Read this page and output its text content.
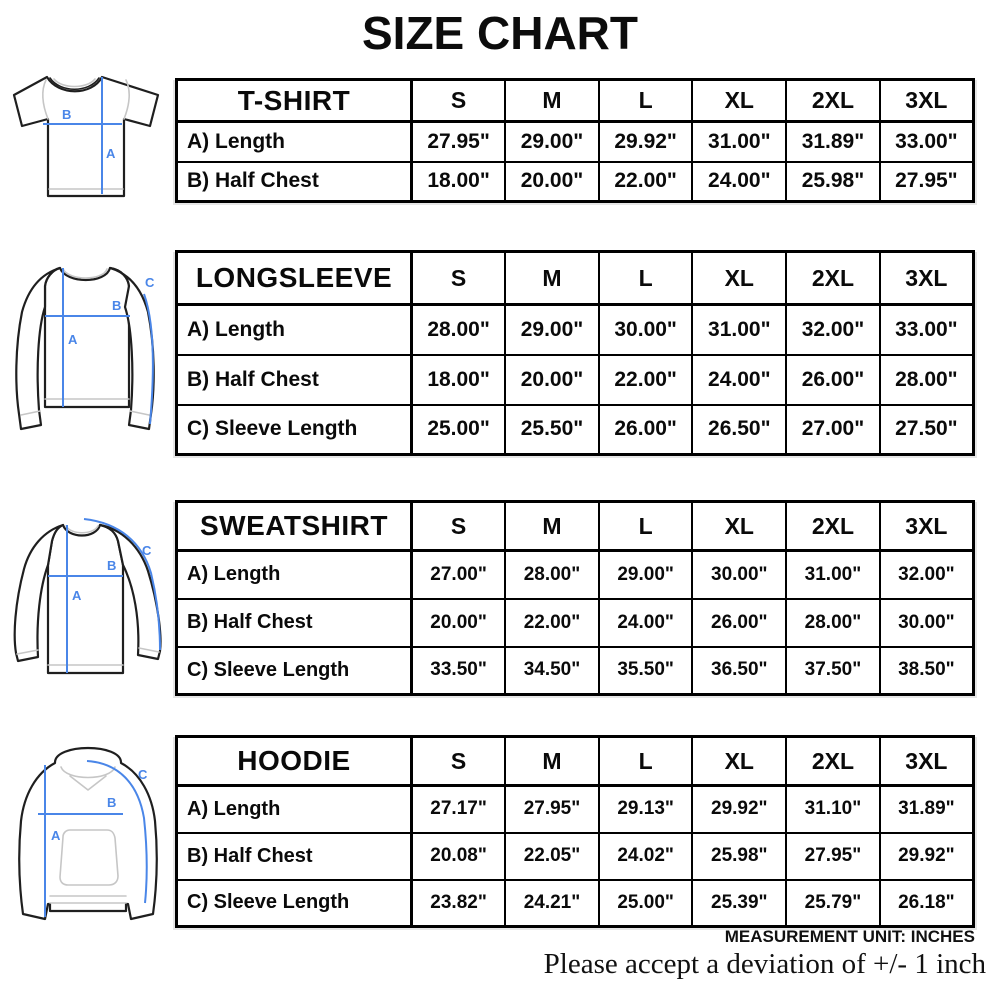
SIZE CHART
B
A
B
A
C
B
A
C
A
B
C
T-SHIRT	S	M	L	XL	2XL	3XL
A) Length	27.95"	29.00"	29.92"	31.00"	31.89"	33.00"
B) Half Chest	18.00"	20.00"	22.00"	24.00"	25.98"	27.95"
LONGSLEEVE	S	M	L	XL	2XL	3XL
A) Length	28.00"	29.00"	30.00"	31.00"	32.00"	33.00"
B) Half Chest	18.00"	20.00"	22.00"	24.00"	26.00"	28.00"
C) Sleeve Length	25.00"	25.50"	26.00"	26.50"	27.00"	27.50"
SWEATSHIRT	S	M	L	XL	2XL	3XL
A) Length	27.00"	28.00"	29.00"	30.00"	31.00"	32.00"
B) Half Chest	20.00"	22.00"	24.00"	26.00"	28.00"	30.00"
C) Sleeve Length	33.50"	34.50"	35.50"	36.50"	37.50"	38.50"
HOODIE	S	M	L	XL	2XL	3XL
A) Length	27.17"	27.95"	29.13"	29.92"	31.10"	31.89"
B) Half Chest	20.08"	22.05"	24.02"	25.98"	27.95"	29.92"
C) Sleeve Length	23.82"	24.21"	25.00"	25.39"	25.79"	26.18"
MEASUREMENT UNIT: INCHES
Please accept a deviation of +/- 1 inch
